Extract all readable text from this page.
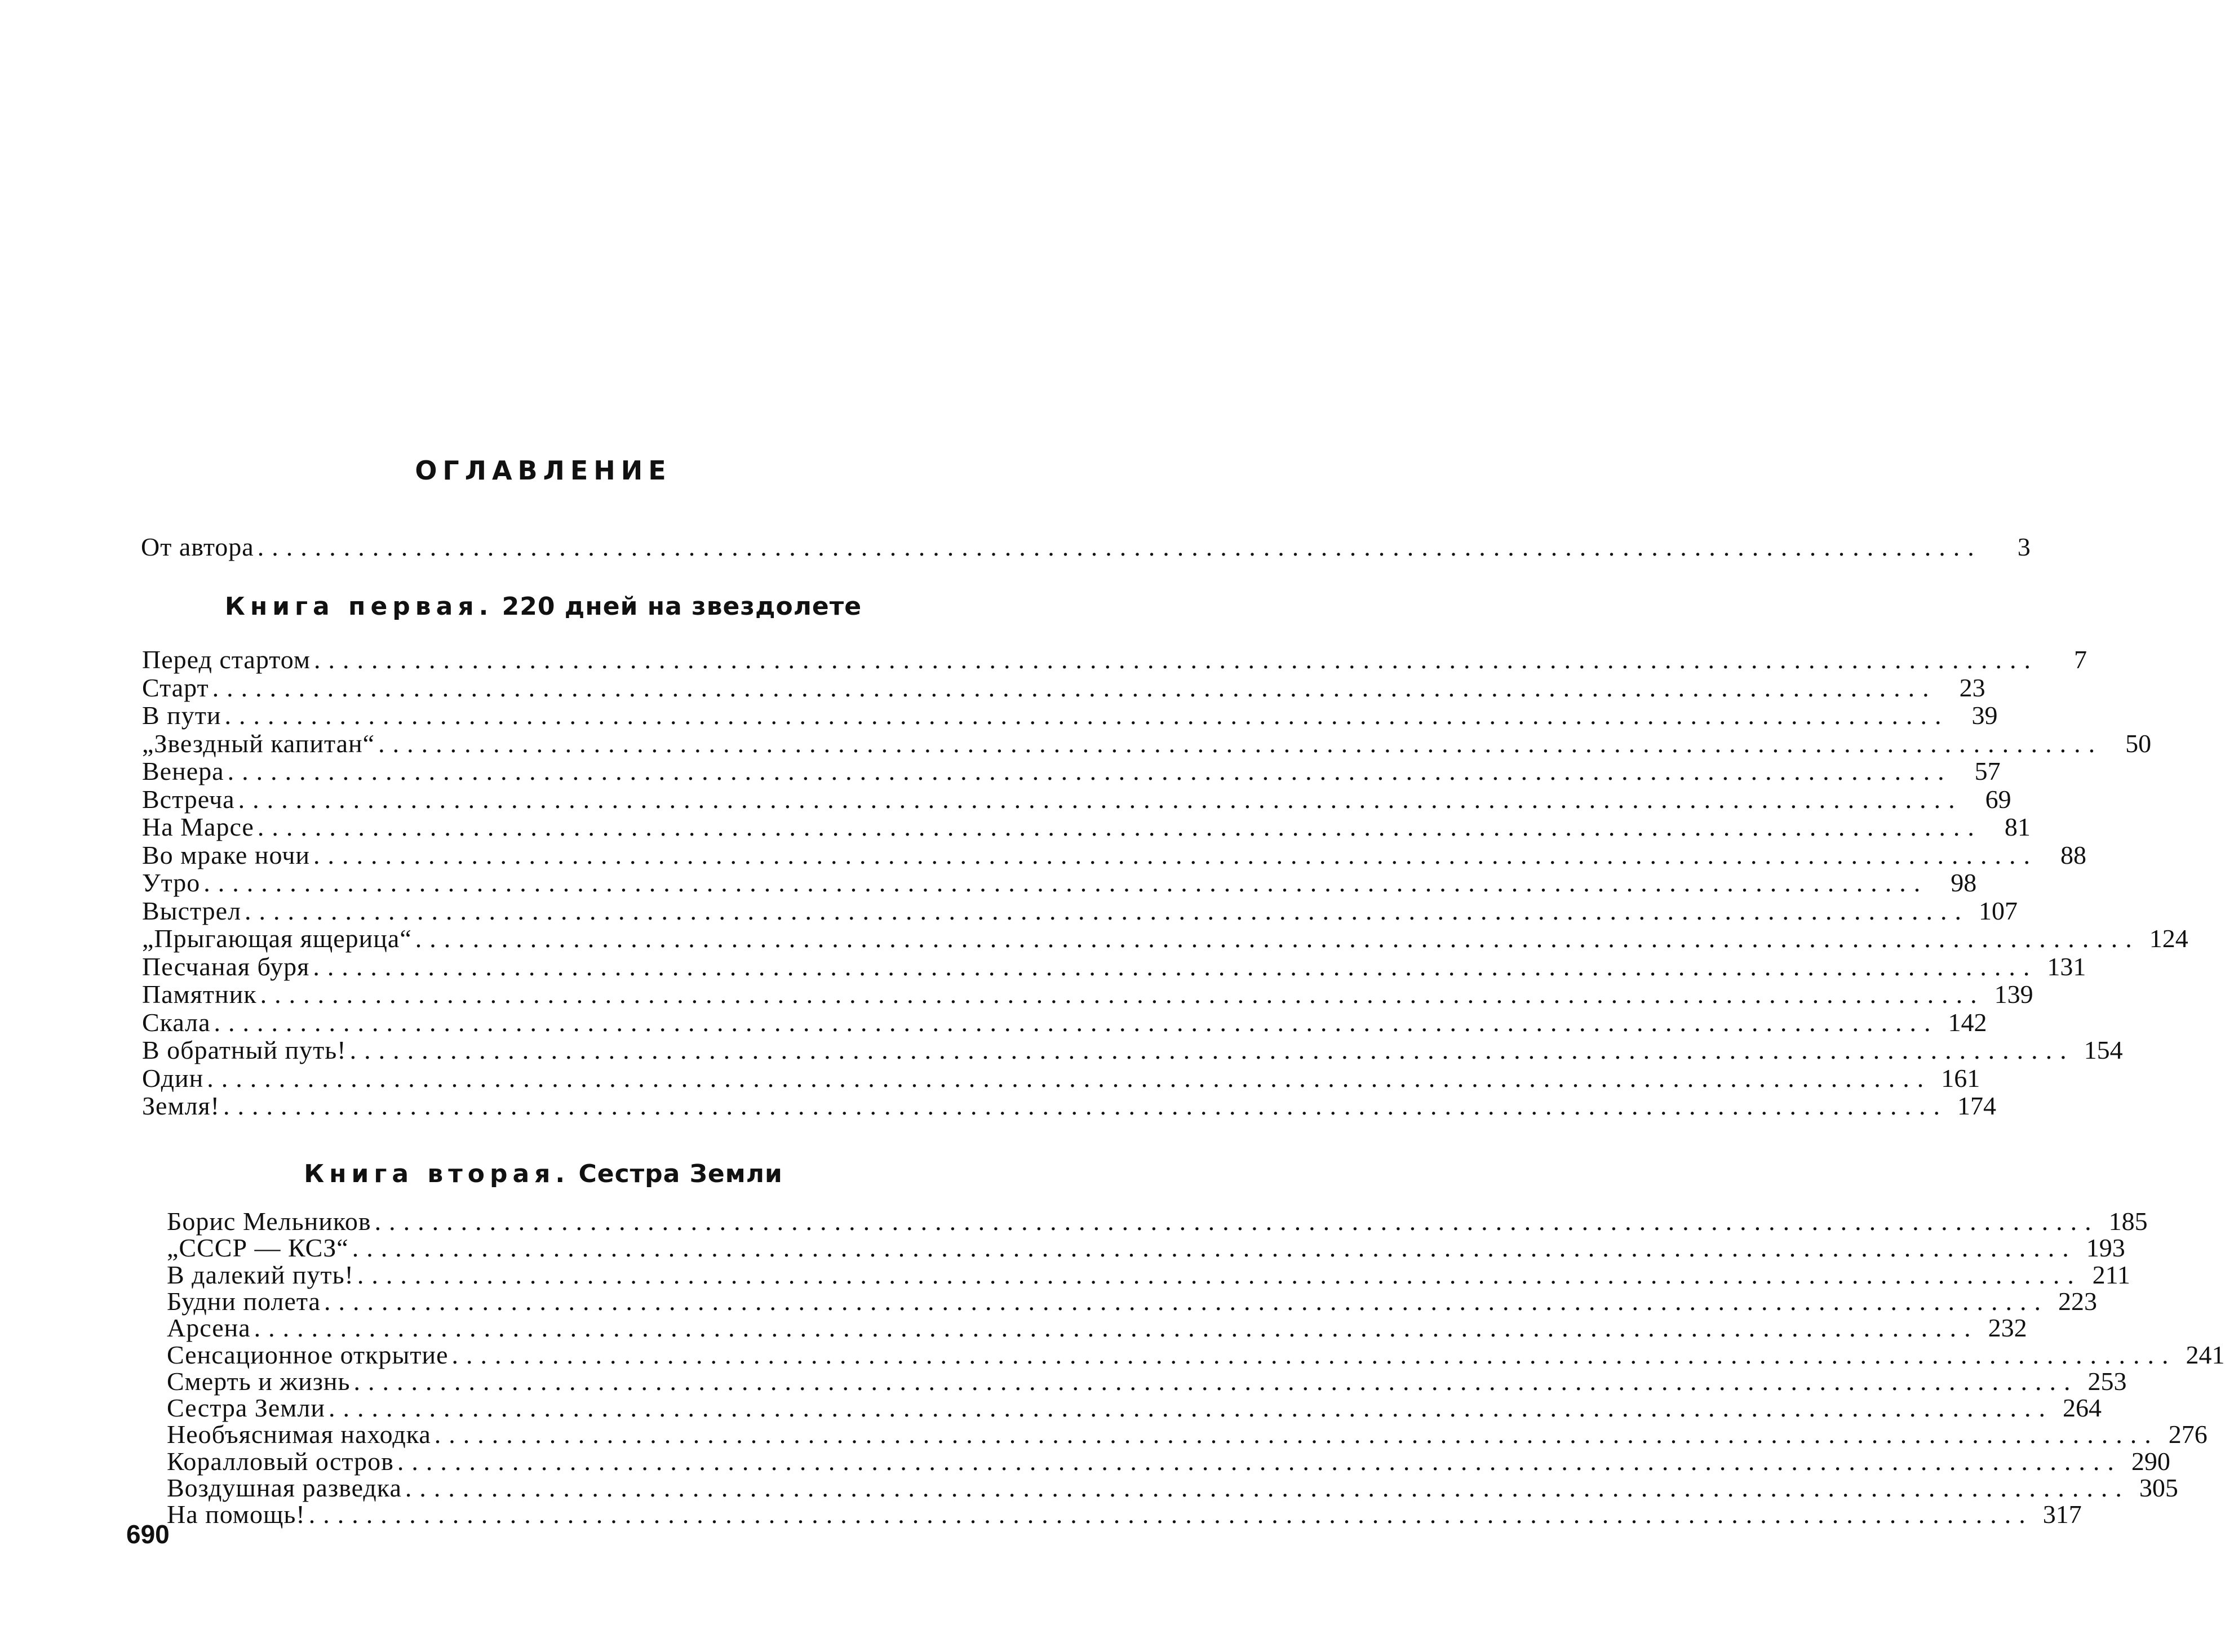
ОГЛАВЛЕНИЕ
От автора ........................................................................................................................	3
Книга первая. 220 дней на звездолете
Перед стартом ........................................................................................................................	7
Старт ........................................................................................................................ 23
В пути ........................................................................................................................ 39
„Звездный капитан“ ........................................................................................................................ 50
Венера ........................................................................................................................ 57
Встреча ........................................................................................................................ 69
На Марсе ........................................................................................................................ 81
Во мраке ночи ........................................................................................................................ 88
Утро ........................................................................................................................ 98
Выстрел ........................................................................................................................ 107
„Прыгающая ящерица“ ........................................................................................................................ 124
Песчаная буря ........................................................................................................................ 131
Памятник ........................................................................................................................ 139
Скала ........................................................................................................................ 142
В обратный путь! ........................................................................................................................ 154
Один ........................................................................................................................ 161
Земля! ........................................................................................................................ 174
Книга вторая. Сестра Земли
Борис Мельников ........................................................................................................................ 185
„СССР — КСЗ“ ........................................................................................................................ 193
В далекий путь! ........................................................................................................................ 211
Будни полета ........................................................................................................................ 223
Арсена ........................................................................................................................ 232
Сенсационное открытие ........................................................................................................................ 241
Смерть и жизнь ........................................................................................................................ 253
Сестра Земли ........................................................................................................................ 264
Необъяснимая находка ........................................................................................................................ 276
Коралловый остров ........................................................................................................................ 290
Воздушная разведка ........................................................................................................................ 305
На помощь! ........................................................................................................................ 317
690
